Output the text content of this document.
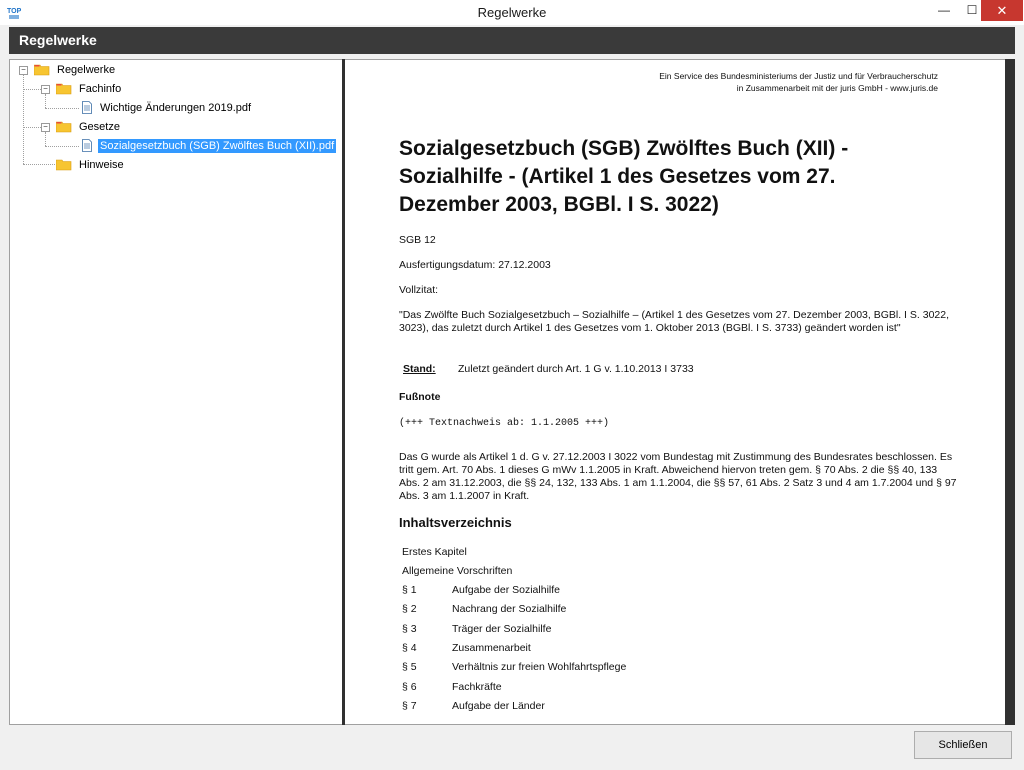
TOP	Regelwerke	—	☐	✕
Regelwerke
−	Regelwerke
−	Fachinfo
Wichtige Änderungen 2019.pdf
−	Gesetze
Sozialgesetzbuch (SGB) Zwölftes Buch (XII).pdf
Hinweise
Ein Service des Bundesministeriums der Justiz und für Verbraucherschutz
in Zusammenarbeit mit der juris GmbH - www.juris.de
Sozialgesetzbuch (SGB) Zwölftes Buch (XII) - Sozialhilfe - (Artikel 1 des Gesetzes vom 27. Dezember 2003, BGBl. I S. 3022)
SGB 12
Ausfertigungsdatum: 27.12.2003
Vollzitat:
"Das Zwölfte Buch Sozialgesetzbuch – Sozialhilfe – (Artikel 1 des Gesetzes vom 27. Dezember 2003, BGBl. I S. 3022, 3023), das zuletzt durch Artikel 1 des Gesetzes vom 1. Oktober 2013 (BGBl. I S. 3733) geändert worden ist"
Stand: Zuletzt geändert durch Art. 1 G v. 1.10.2013 I 3733
Fußnote
(+++ Textnachweis ab: 1.1.2005 +++)
Das G wurde als Artikel 1 d. G v. 27.12.2003 I 3022 vom Bundestag mit Zustimmung des Bundesrates beschlossen. Es tritt gem. Art. 70 Abs. 1 dieses G mWv 1.1.2005 in Kraft. Abweichend hiervon treten gem. § 70 Abs. 2 die §§ 40, 133 Abs. 2 am 31.12.2003, die §§ 24, 132, 133 Abs. 1 am 1.1.2004, die §§ 57, 61 Abs. 2 Satz 3 und 4 am 1.7.2004 und § 97 Abs. 3 am 1.1.2007 in Kraft.
Inhaltsverzeichnis
Erstes Kapitel
Allgemeine Vorschriften
§ 1	Aufgabe der Sozialhilfe
§ 2	Nachrang der Sozialhilfe
§ 3	Träger der Sozialhilfe
§ 4	Zusammenarbeit
§ 5	Verhältnis zur freien Wohlfahrtspflege
§ 6	Fachkräfte
§ 7	Aufgabe der Länder
Schließen
